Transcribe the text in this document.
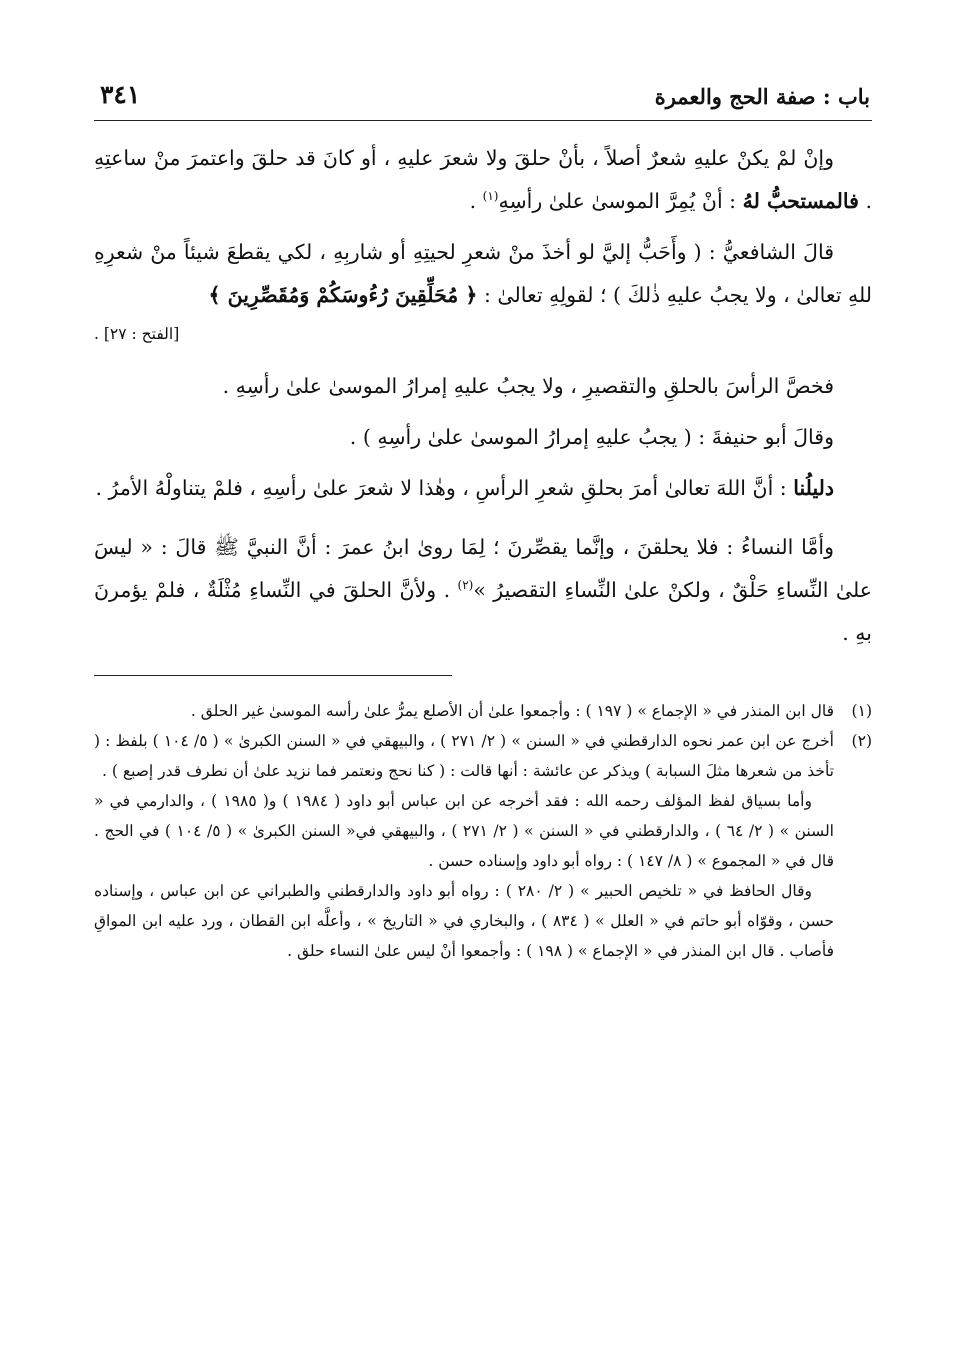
باب : صفة الحج والعمرة
٣٤١

وإنْ لمْ يكنْ عليهِ شعرٌ أصلاً ، بأنْ حلقَ ولا شعرَ عليهِ ، أو كانَ قد حلقَ واعتمرَ منْ ساعتِهِ . فالمستحبُّ لهُ : أنْ يُمِرَّ الموسىٰ علىٰ رأسِهِ$^{(١)}$ .

قالَ الشافعيُّ : ( وأَحَبُّ إليَّ لو أخذَ منْ شعرِ لحيتِهِ أو شاربِهِ ، لكي يقطعَ شيئاً منْ شعرِهِ للهِ تعالىٰ ، ولا يجبُ عليهِ ذٰلكَ ) ؛ لقولِهِ تعالىٰ : ﴿ مُحَلِّقِينَ رُءُوسَكُمْ وَمُقَصِّرِينَ ﴾

[الفتح : ٢٧] .

فخصَّ الرأسَ بالحلقِ والتقصيرِ ، ولا يجبُ عليهِ إمرارُ الموسىٰ علىٰ رأسِهِ .

وقالَ أبو حنيفةَ : ( يجبُ عليهِ إمرارُ الموسىٰ علىٰ رأسِهِ ) .

دليلُنا : أنَّ اللهَ تعالىٰ أمرَ بحلقِ شعرِ الرأسِ ، وهٰذا لا شعرَ علىٰ رأسِهِ ، فلمْ يتناولْهُ الأمرُ .

وأمَّا النساءُ : فلا يحلقنَ ، وإنَّما يقصِّرنَ ؛ لِمَا روىٰ ابنُ عمرَ : أنَّ النبيَّ ﷺ قالَ : « ليسَ علىٰ النِّساءِ حَلْقٌ ، ولكنْ علىٰ النِّساءِ التقصيرُ »$^{(٢)}$ . ولأنَّ الحلقَ في النِّساءِ مُثْلَةٌ ، فلمْ يؤمرنَ بهِ .

(١)

قال ابن المنذر في « الإجماع » ( ١٩٧ ) : وأجمعوا علىٰ أن الأصلع يمرُّ علىٰ رأسه الموسىٰ غير الحلق .

(٢)

أخرج عن ابن عمر نحوه الدارقطني في « السنن » ( ٢/ ٢٧١ ) ، والبيهقي في « السنن الكبرىٰ » ( ٥/ ١٠٤ ) بلفظ : ( تأخذ من شعرها مثلَ السبابة ) ويذكر عن عائشة : أنها قالت : ( كنا نحج ونعتمر فما نزيد علىٰ أن نطرف قدر إصبع ) .

وأما بسياق لفظ المؤلف رحمه الله : فقد أخرجه عن ابن عباس أبو داود ( ١٩٨٤ ) و( ١٩٨٥ ) ، والدارمي في « السنن » ( ٢/ ٦٤ ) ، والدارقطني في « السنن » ( ٢/ ٢٧١ ) ، والبيهقي في« السنن الكبرىٰ » ( ٥/ ١٠٤ ) في الحج . قال في « المجموع » ( ٨/ ١٤٧ ) : رواه أبو داود وإسناده حسن .

وقال الحافظ في « تلخيص الحبير » ( ٢/ ٢٨٠ ) : رواه أبو داود والدارقطني والطبراني عن ابن عباس ، وإسناده حسن ، وقوّاه أبو حاتم في « العلل » ( ٨٣٤ ) ، والبخاري في « التاريخ » ، وأعلَّه ابن القطان ، ورد عليه ابن المواقِ فأصاب . قال ابن المنذر في « الإجماع » ( ١٩٨ ) : وأجمعوا أنْ ليس علىٰ النساء حلق .
